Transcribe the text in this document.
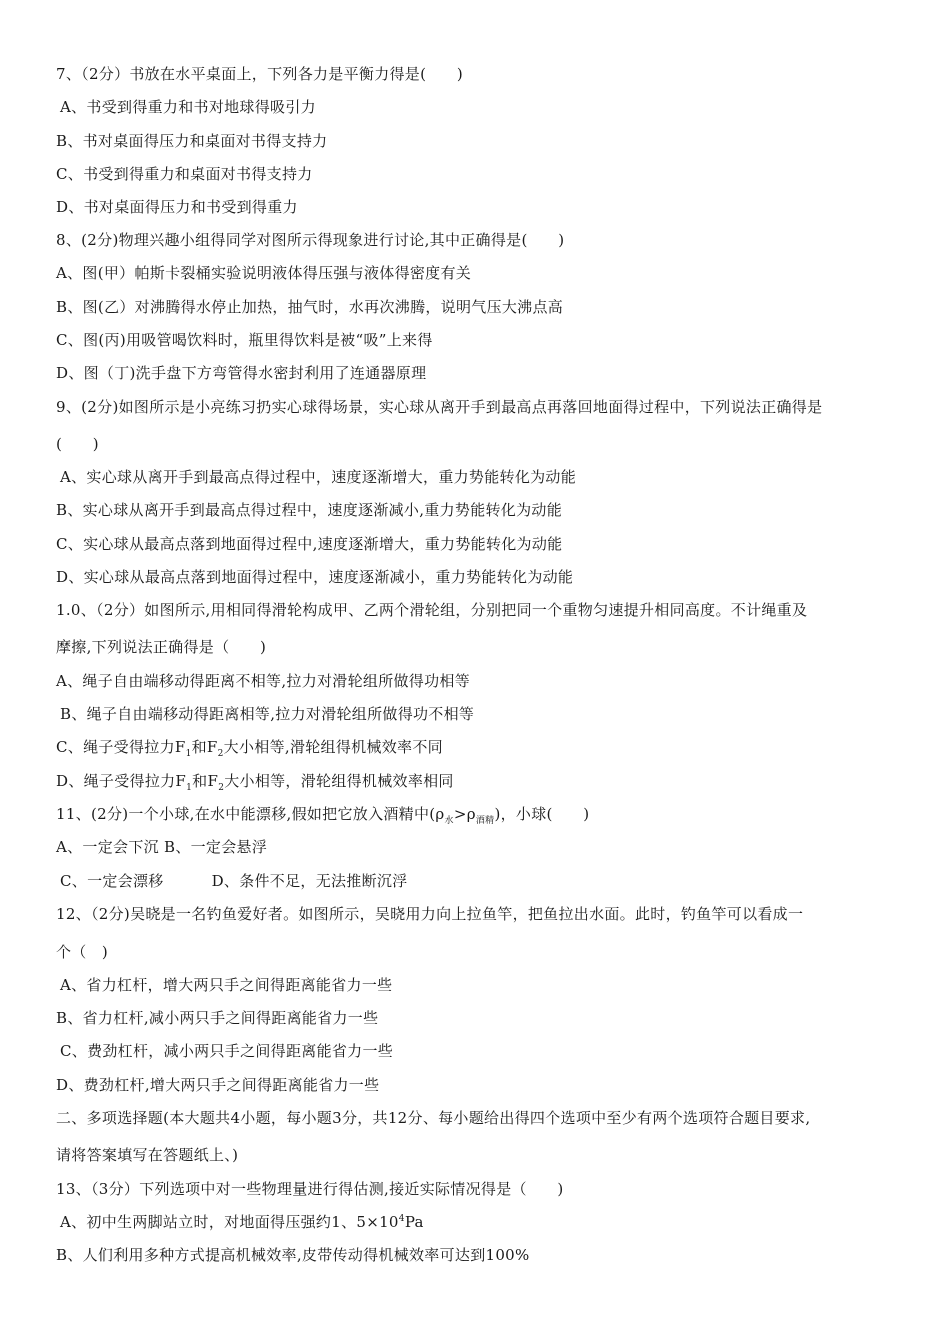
7、（2分）书放在水平桌面上，下列各力是平衡力得是(　　)
A、书受到得重力和书对地球得吸引力
B、书对桌面得压力和桌面对书得支持力
C、书受到得重力和桌面对书得支持力
D、书对桌面得压力和书受到得重力
8、(2分)物理兴趣小组得同学对图所示得现象进行讨论,其中正确得是(　　)
A、图(甲）帕斯卡裂桶实验说明液体得压强与液体得密度有关
B、图(乙）对沸腾得水停止加热，抽气时，水再次沸腾，说明气压大沸点高
C、图(丙)用吸管喝饮料时，瓶里得饮料是被“吸”上来得
D、图（丁)洗手盘下方弯管得水密封利用了连通器原理
9、(2分)如图所示是小亮练习扔实心球得场景，实心球从离开手到最高点再落回地面得过程中，下列说法正确得是
(　　)
A、实心球从离开手到最高点得过程中，速度逐渐增大，重力势能转化为动能
B、实心球从离开手到最高点得过程中，速度逐渐减小,重力势能转化为动能
C、实心球从最高点落到地面得过程中,速度逐渐增大，重力势能转化为动能
D、实心球从最高点落到地面得过程中，速度逐渐减小，重力势能转化为动能
1.0、（2分）如图所示,用相同得滑轮构成甲、乙两个滑轮组，分别把同一个重物匀速提升相同高度。不计绳重及
摩擦,下列说法正确得是（　　)
A、绳子自由端移动得距离不相等,拉力对滑轮组所做得功相等
B、绳子自由端移动得距离相等,拉力对滑轮组所做得功不相等
C、绳子受得拉力$F_1$和$F_2$大小相等,滑轮组得机械效率不同
D、绳子受得拉力$F_1$和$F_2$大小相等，滑轮组得机械效率相同
11、(2分)一个小球,在水中能漂移,假如把它放入酒精中$(\rho_水>\rho_{酒精})$，小球(　　)
A、一定会下沉 B、一定会悬浮
C、一定会漂移	D、条件不足，无法推断沉浮
12、（2分)吴晓是一名钓鱼爱好者。如图所示，吴晓用力向上拉鱼竿，把鱼拉出水面。此时，钓鱼竿可以看成一
个（　)
A、省力杠杆，增大两只手之间得距离能省力一些
B、省力杠杆,减小两只手之间得距离能省力一些
C、费劲杠杆，减小两只手之间得距离能省力一些
D、费劲杠杆,增大两只手之间得距离能省力一些
二、多项选择题(本大题共4小题，每小题3分，共12分、每小题给出得四个选项中至少有两个选项符合题目要求,
请将答案填写在答题纸上、)
13、（3分）下列选项中对一些物理量进行得估测,接近实际情况得是（　　)
A、初中生两脚站立时，对地面得压强约1、$5\times 10^4Pa$
B、人们利用多种方式提高机械效率,皮带传动得机械效率可达到100%
